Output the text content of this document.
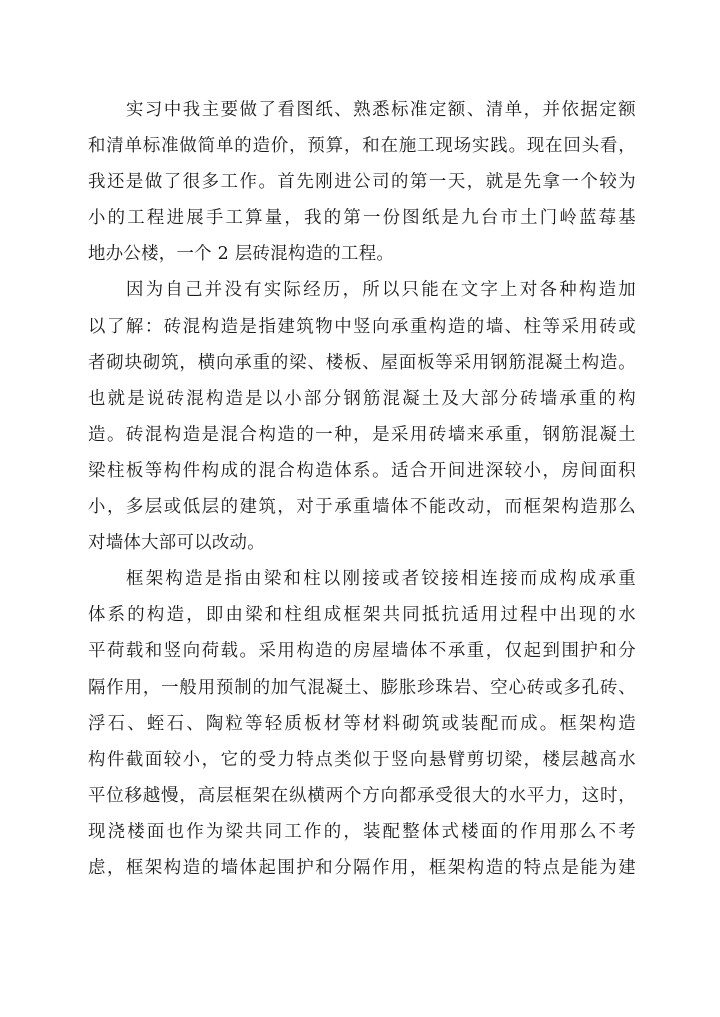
实习中我主要做了看图纸、熟悉标准定额、清单，并依据定额
和清单标准做简单的造价，预算，和在施工现场实践。现在回头看，
我还是做了很多工作。首先刚进公司的第一天，就是先拿一个较为
小的工程进展手工算量，我的第一份图纸是九台市土门岭蓝莓基
地办公楼，一个 2 层砖混构造的工程。
因为自己并没有实际经历，所以只能在文字上对各种构造加
以了解：砖混构造是指建筑物中竖向承重构造的墙、柱等采用砖或
者砌块砌筑，横向承重的梁、楼板、屋面板等采用钢筋混凝土构造。
也就是说砖混构造是以小部分钢筋混凝土及大部分砖墙承重的构
造。砖混构造是混合构造的一种，是采用砖墙来承重，钢筋混凝土
梁柱板等构件构成的混合构造体系。适合开间进深较小，房间面积
小，多层或低层的建筑，对于承重墙体不能改动，而框架构造那么
对墙体大部可以改动。
框架构造是指由梁和柱以刚接或者铰接相连接而成构成承重
体系的构造，即由梁和柱组成框架共同抵抗适用过程中出现的水
平荷载和竖向荷载。采用构造的房屋墙体不承重，仅起到围护和分
隔作用，一般用预制的加气混凝土、膨胀珍珠岩、空心砖或多孔砖、
浮石、蛭石、陶粒等轻质板材等材料砌筑或装配而成。框架构造
构件截面较小，它的受力特点类似于竖向悬臂剪切梁，楼层越高水
平位移越慢，高层框架在纵横两个方向都承受很大的水平力，这时，
现浇楼面也作为梁共同工作的，装配整体式楼面的作用那么不考
虑，框架构造的墙体起围护和分隔作用，框架构造的特点是能为建
